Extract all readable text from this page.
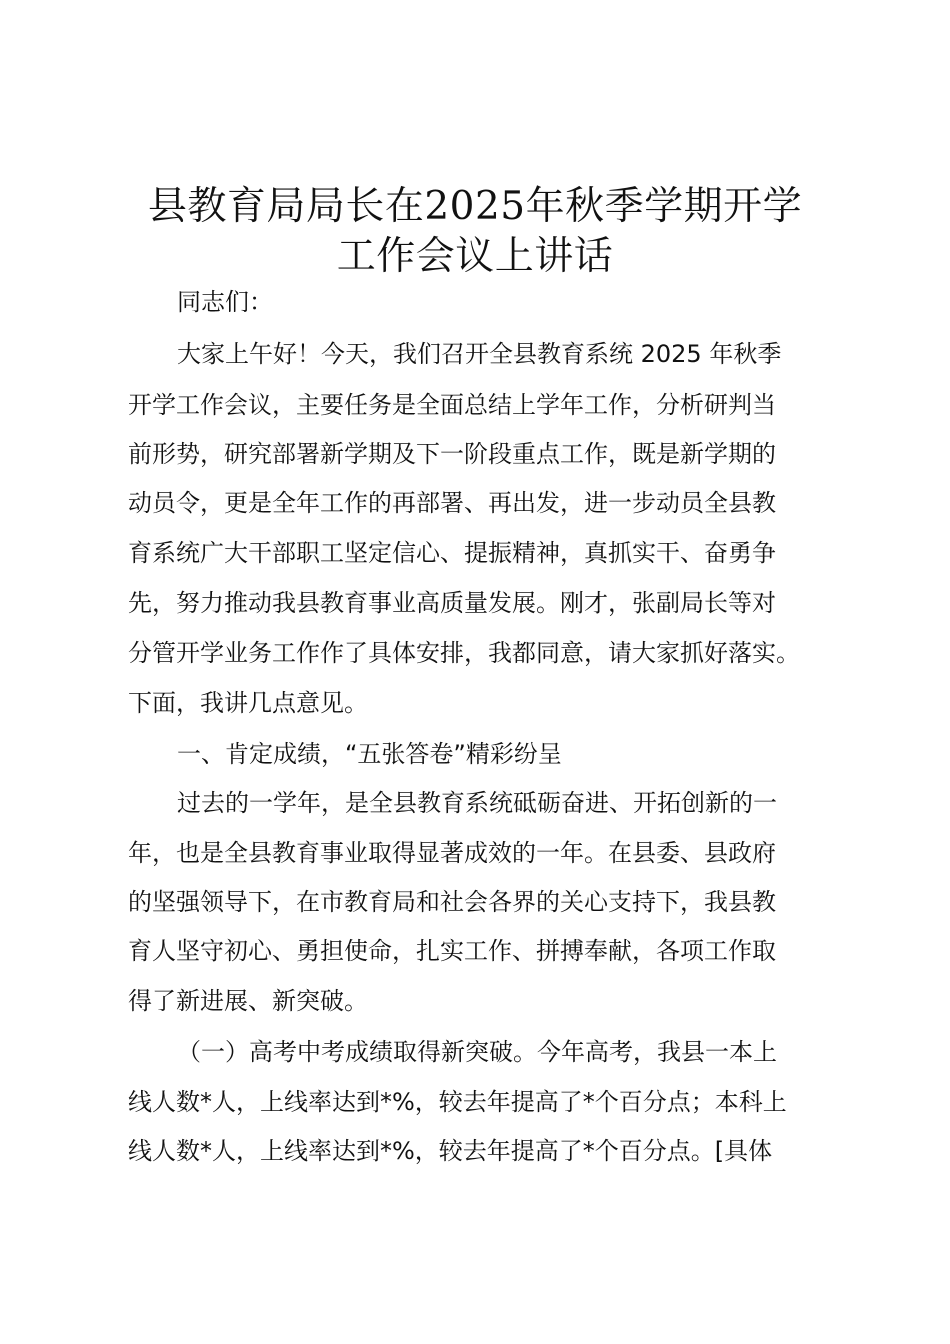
县教育局局长在2025年秋季学期开学
工作会议上讲话
同志们：
大家上午好！今天，我们召开全县教育系统 2025 年秋季
开学工作会议，主要任务是全面总结上学年工作，分析研判当
前形势，研究部署新学期及下一阶段重点工作，既是新学期的
动员令，更是全年工作的再部署、再出发，进一步动员全县教
育系统广大干部职工坚定信心、提振精神，真抓实干、奋勇争
先，努力推动我县教育事业高质量发展。刚才，张副局长等对
分管开学业务工作作了具体安排，我都同意，请大家抓好落实。
下面，我讲几点意见。
一、肯定成绩，“五张答卷”精彩纷呈
过去的一学年，是全县教育系统砥砺奋进、开拓创新的一
年，也是全县教育事业取得显著成效的一年。在县委、县政府
的坚强领导下，在市教育局和社会各界的关心支持下，我县教
育人坚守初心、勇担使命，扎实工作、拼搏奉献，各项工作取
得了新进展、新突破。
（一）高考中考成绩取得新突破。今年高考，我县一本上
线人数*人，上线率达到*%，较去年提高了*个百分点；本科上
线人数*人，上线率达到*%，较去年提高了*个百分点。[具体
